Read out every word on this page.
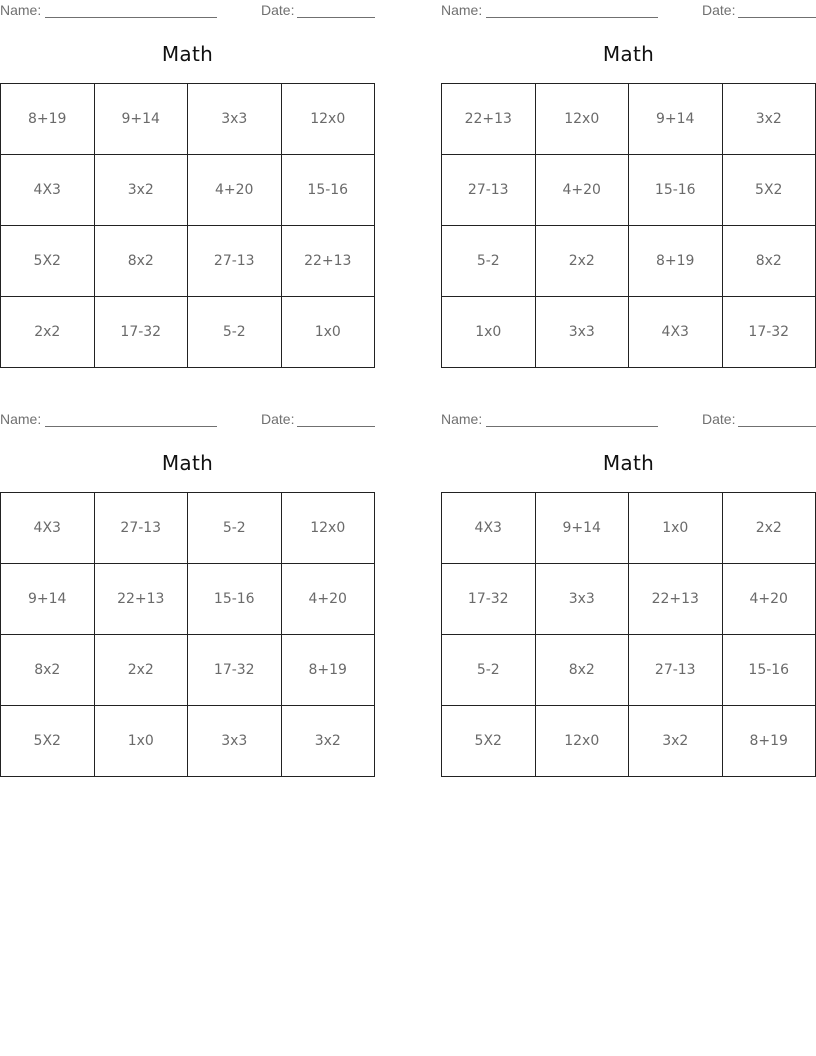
Name:	Date:
Math
8+19	9+14	3x3	12x0
4X3	3x2	4+20	15-16
5X2	8x2	27-13	22+13
2x2	17-32	5-2	1x0
Name:	Date:
Math
22+13	12x0	9+14	3x2
27-13	4+20	15-16	5X2
5-2	2x2	8+19	8x2
1x0	3x3	4X3	17-32
Name:	Date:
Math
4X3	27-13	5-2	12x0
9+14	22+13	15-16	4+20
8x2	2x2	17-32	8+19
5X2	1x0	3x3	3x2
Name:	Date:
Math
4X3	9+14	1x0	2x2
17-32	3x3	22+13	4+20
5-2	8x2	27-13	15-16
5X2	12x0	3x2	8+19
